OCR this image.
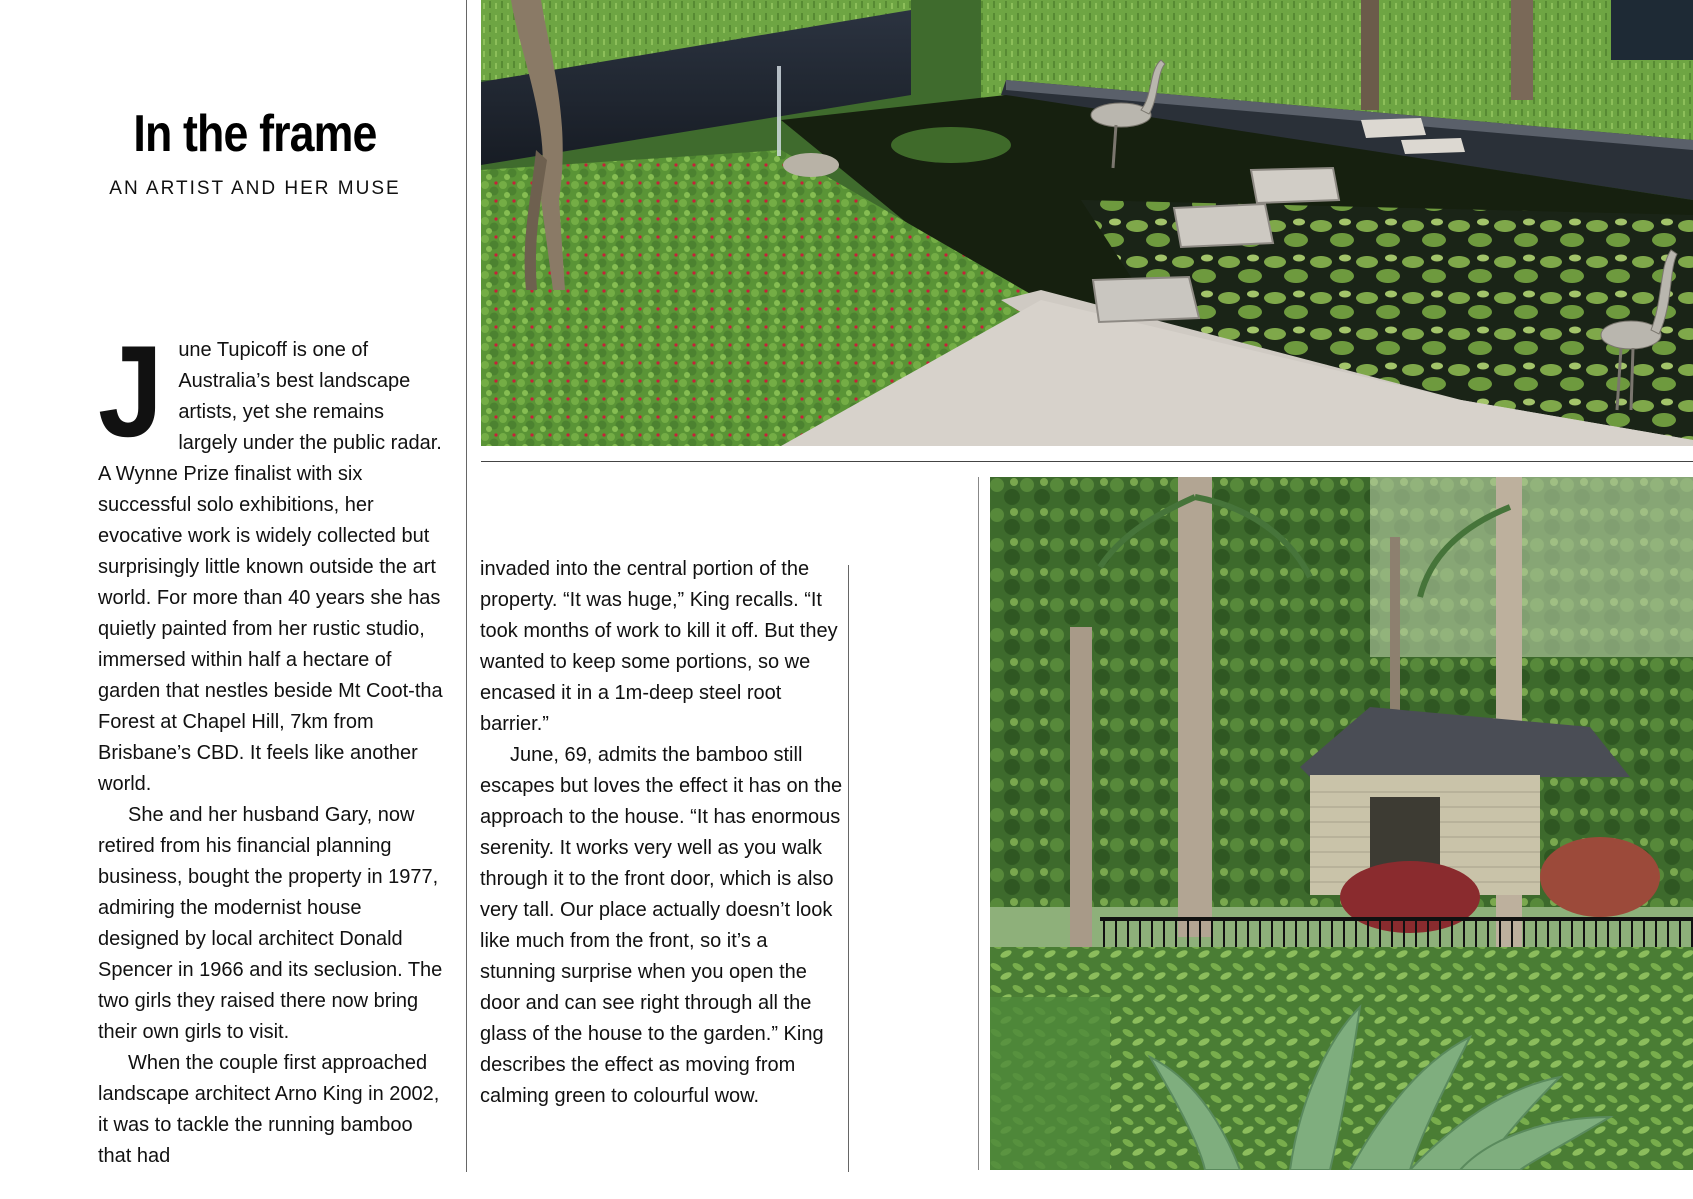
In the frame
AN ARTIST AND HER MUSE

June Tupicoff is one of Australia’s best landscape artists, yet she remains largely under the public radar. A Wynne Prize finalist with six successful solo exhibitions, her evocative work is widely collected but surprisingly little known outside the art world. For more than 40 years she has quietly painted from her rustic studio, immersed within half a hectare of garden that nestles beside Mt Coot-tha Forest at Chapel Hill, 7km from Brisbane’s CBD. It feels like another world.

She and her husband Gary, now retired from his financial planning business, bought the property in 1977, admiring the modernist house designed by local architect Donald Spencer in 1966 and its seclusion. The two girls they raised there now bring their own girls to visit.

When the couple first approached landscape architect Arno King in 2002, it was to tackle the running bamboo that had

invaded into the central portion of the property. “It was huge,” King recalls. “It took months of work to kill it off. But they wanted to keep some portions, so we encased it in a 1m-deep steel root barrier.”

June, 69, admits the bamboo still escapes but loves the effect it has on the approach to the house. “It has enormous serenity. It works very well as you walk through it to the front door, which is also very tall. Our place actually doesn’t look like much from the front, so it’s a stunning surprise when you open the door and can see right through all the glass of the house to the garden.” King describes the effect as moving from calming green to colourful wow.
